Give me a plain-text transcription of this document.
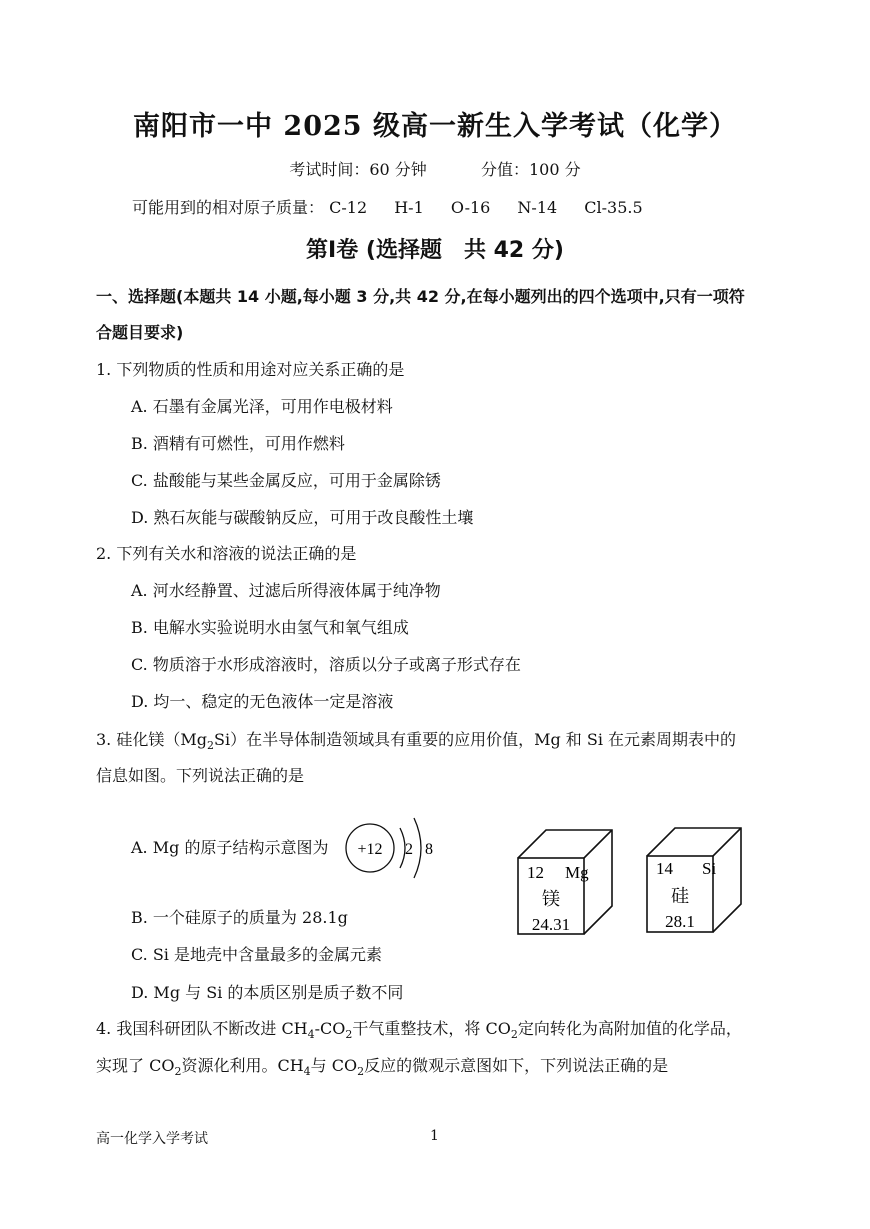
南阳市一中 2025 级高一新生入学考试（化学）
考试时间：60 分钟	分值：100 分
可能用到的相对原子质量： C-12 H-1 O-16 N-14 Cl-35.5
第Ⅰ卷 (选择题　共 42 分)
一、选择题(本题共 14 小题,每小题 3 分,共 42 分,在每小题列出的四个选项中,只有一项符
合题目要求)
1. 下列物质的性质和用途对应关系正确的是
A. 石墨有金属光泽，可用作电极材料
B. 酒精有可燃性，可用作燃料
C. 盐酸能与某些金属反应，可用于金属除锈
D. 熟石灰能与碳酸钠反应，可用于改良酸性土壤
2. 下列有关水和溶液的说法正确的是
A. 河水经静置、过滤后所得液体属于纯净物
B. 电解水实验说明水由氢气和氧气组成
C. 物质溶于水形成溶液时，溶质以分子或离子形式存在
D. 均一、稳定的无色液体一定是溶液
3. 硅化镁$(Mg_2Si)$在半导体制造领域具有重要的应用价值，Mg 和 Si 在元素周期表中的
信息如图。下列说法正确的是
A. Mg 的原子结构示意图为 +12 2 8
12 Mg
镁
24.31
14 Si
硅
28.1
B. 一个硅原子的质量为 28.1g
C. Si 是地壳中含量最多的金属元素
D. Mg 与 Si 的本质区别是质子数不同
4. 我国科研团队不断改进 $CH_4-CO_2$干气重整技术，将 $CO_2$定向转化为高附加值的化学品，
实现了 $CO_2$资源化利用。$CH_4$与 $CO_2$反应的微观示意图如下，下列说法正确的是
高一化学入学考试	1
